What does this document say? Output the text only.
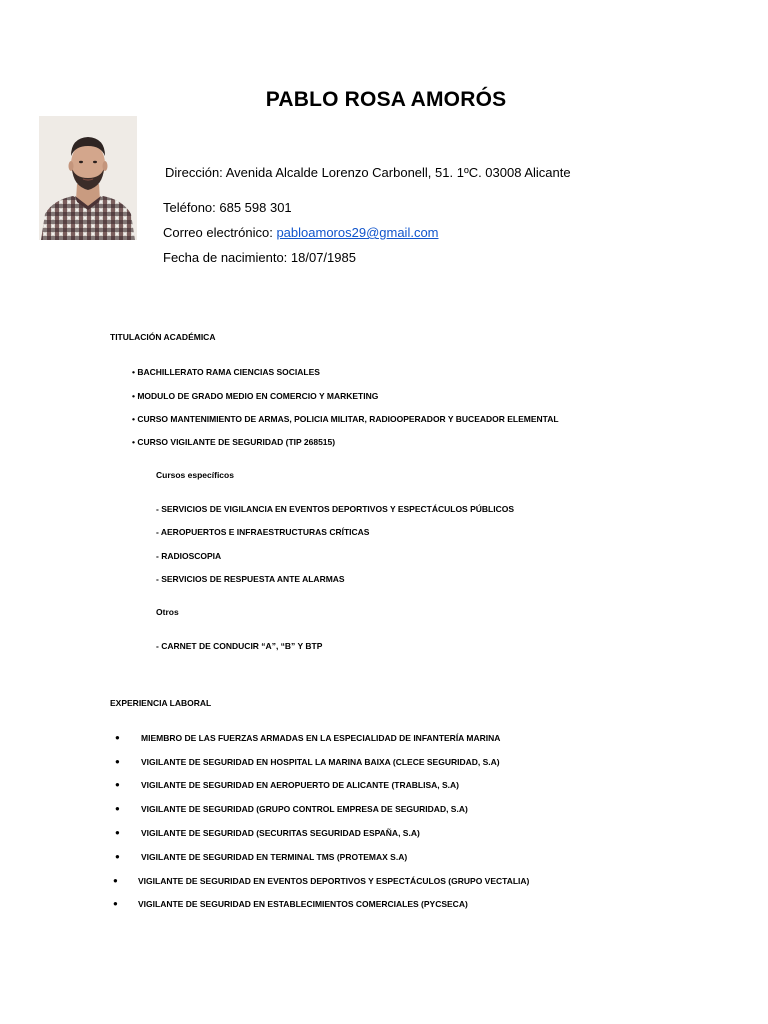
PABLO ROSA AMORÓS
Dirección: Avenida Alcalde Lorenzo Carbonell, 51. 1ºC. 03008 Alicante
Teléfono: 685 598 301
Correo electrónico: pabloamoros29@gmail.com
Fecha de nacimiento: 18/07/1985
TITULACIÓN ACADÉMICA
• BACHILLERATO RAMA CIENCIAS SOCIALES
• MODULO DE GRADO MEDIO EN COMERCIO Y MARKETING
• CURSO MANTENIMIENTO DE ARMAS, POLICIA MILITAR, RADIOOPERADOR Y BUCEADOR ELEMENTAL
• CURSO VIGILANTE DE SEGURIDAD (TIP 268515)
Cursos específicos
- SERVICIOS DE VIGILANCIA EN EVENTOS DEPORTIVOS Y ESPECTÁCULOS PÚBLICOS
- AEROPUERTOS E INFRAESTRUCTURAS CRÍTICAS
- RADIOSCOPIA
- SERVICIOS DE RESPUESTA ANTE ALARMAS
Otros
- CARNET DE CONDUCIR “A”, “B” Y BTP
EXPERIENCIA LABORAL
● MIEMBRO DE LAS FUERZAS ARMADAS EN LA ESPECIALIDAD DE INFANTERÍA MARINA
● VIGILANTE DE SEGURIDAD EN HOSPITAL LA MARINA BAIXA (CLECE SEGURIDAD, S.A)
● VIGILANTE DE SEGURIDAD EN AEROPUERTO DE ALICANTE (TRABLISA, S.A)
● VIGILANTE DE SEGURIDAD (GRUPO CONTROL EMPRESA DE SEGURIDAD, S.A)
● VIGILANTE DE SEGURIDAD (SECURITAS SEGURIDAD ESPAÑA, S.A)
● VIGILANTE DE SEGURIDAD EN TERMINAL TMS (PROTEMAX S.A)
● VIGILANTE DE SEGURIDAD EN EVENTOS DEPORTIVOS Y ESPECTÁCULOS (GRUPO VECTALIA)
● VIGILANTE DE SEGURIDAD EN ESTABLECIMIENTOS COMERCIALES (PYCSECA)
